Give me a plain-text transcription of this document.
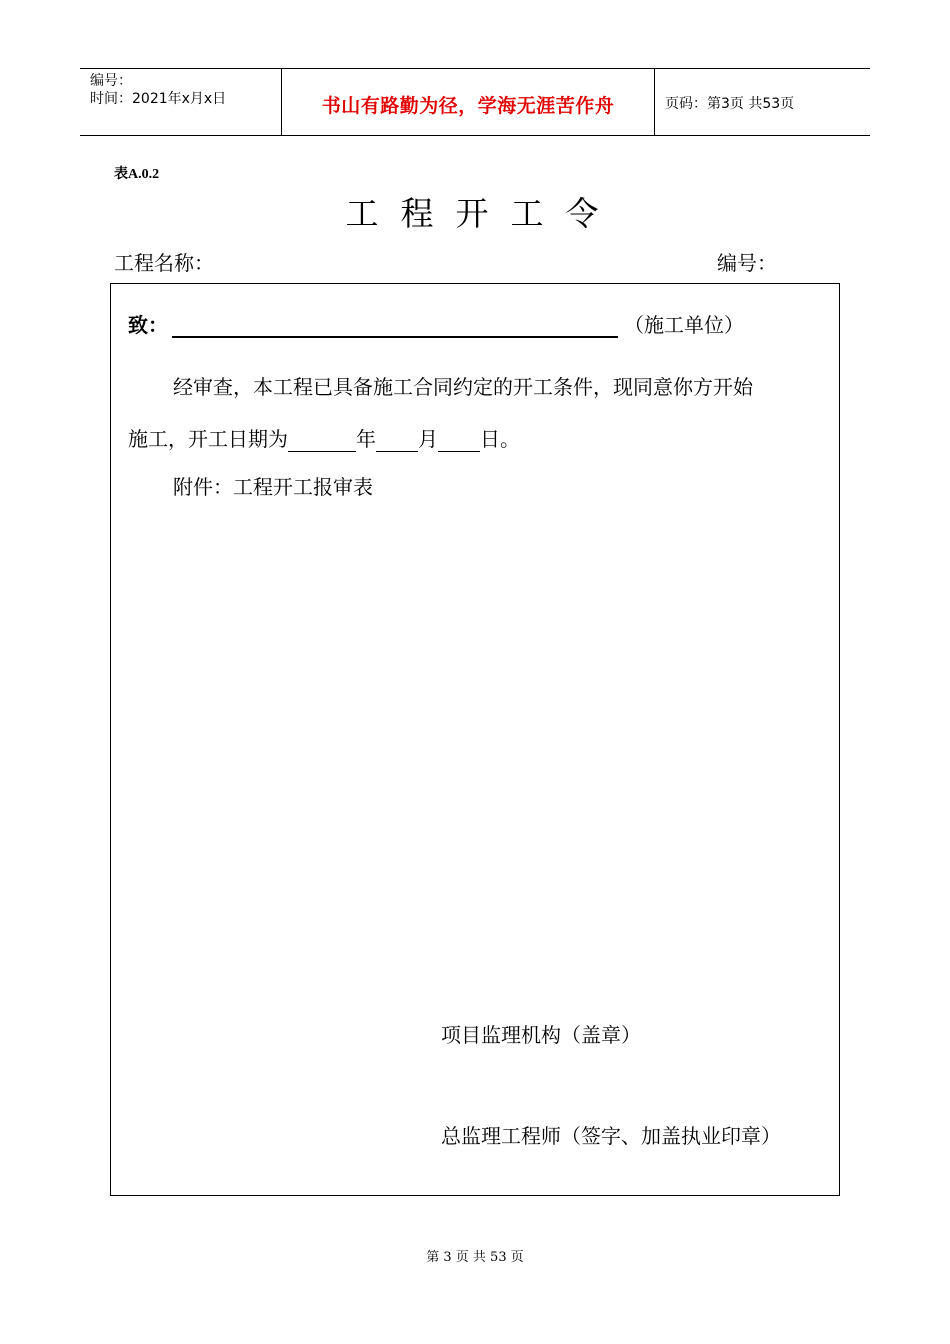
编号：
时间：2021年x月x日	书山有路勤为径，学海无涯苦作舟	页码：第3页 共53页
表A.0.2
工程开工令
工程名称：	编号：
致：	（施工单位）
经审查，本工程已具备施工合同约定的开工条件，现同意你方开始
施工，开工日期为	年 月 日。
附件：工程开工报审表
项目监理机构（盖章）
总监理工程师（签字、加盖执业印章）
第 3 页 共 53 页
